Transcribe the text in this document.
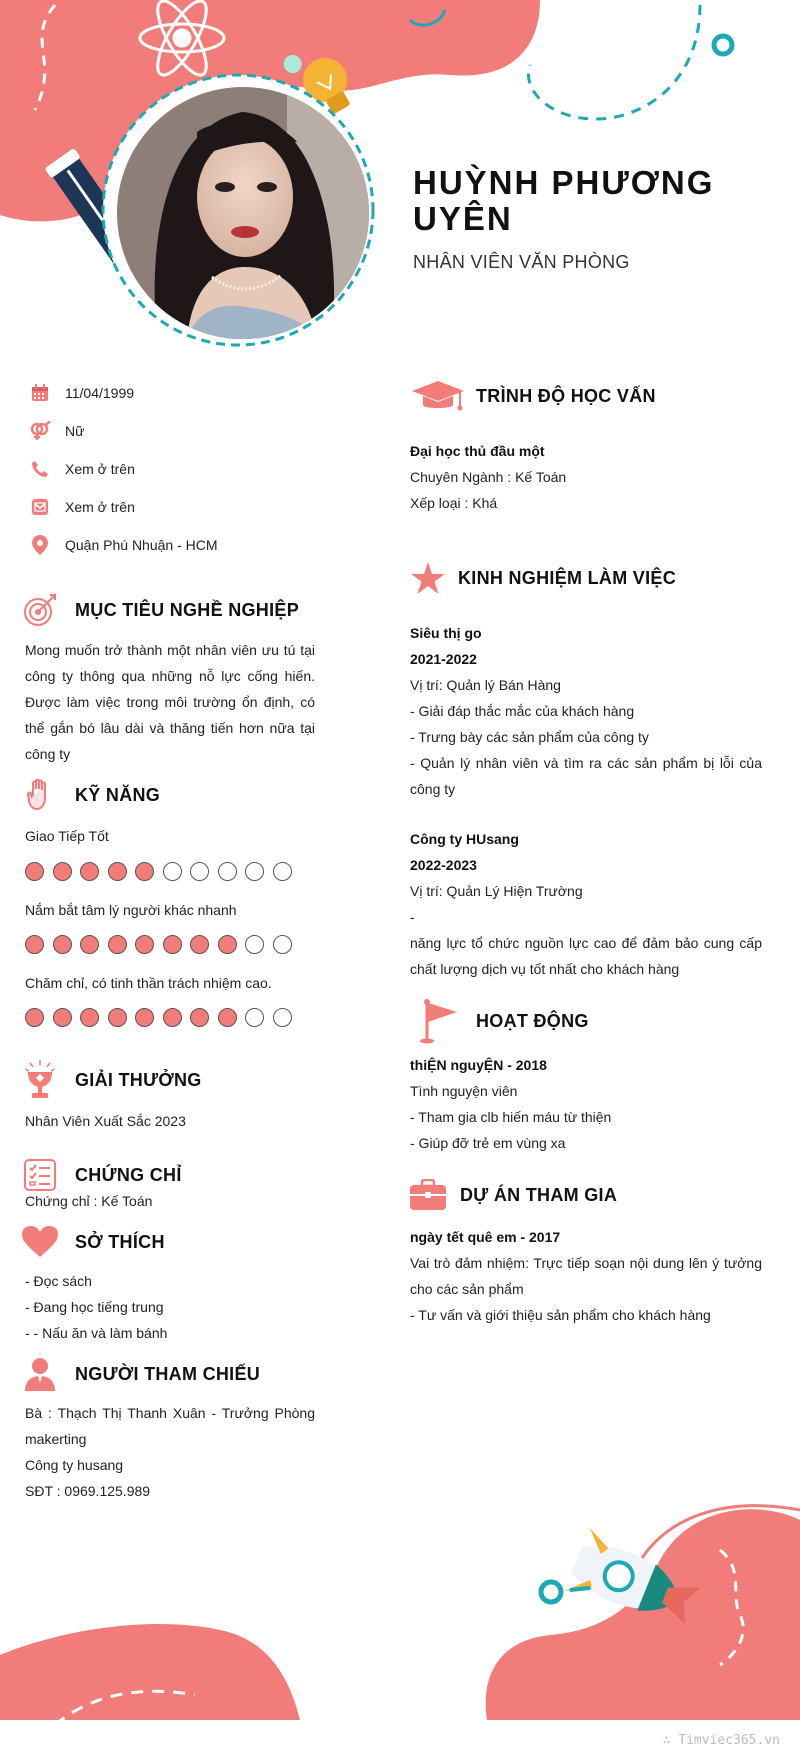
HUỲNH PHƯƠNG UYÊN
NHÂN VIÊN VĂN PHÒNG
11/04/1999
Nữ
Xem ở trên
Xem ở trên
Quận Phú Nhuận - HCM
MỤC TIÊU NGHỀ NGHIỆP
Mong muốn trở thành một nhân viên ưu tú tại công ty thông qua những nỗ lực cống hiến. Được làm việc trong môi trường ổn định, có thể gắn bó lâu dài và thăng tiến hơn nữa tại công ty
KỸ NĂNG
Giao Tiếp Tốt
Nắm bắt tâm lý người khác nhanh
Chăm chỉ, có tinh thần trách nhiệm cao.
GIẢI THƯỞNG
Nhân Viên Xuất Sắc 2023
CHỨNG CHỈ
Chứng chỉ : Kế Toán
SỞ THÍCH
- Đọc sách
- Đang học tiếng trung
- - Nấu ăn và làm bánh
NGƯỜI THAM CHIẾU
Bà : Thạch Thị Thanh Xuân - Trưởng Phòng makerting
Công ty husang
SĐT : 0969.125.989
TRÌNH ĐỘ HỌC VẤN
Đại học thủ đầu một
Chuyên Ngành : Kế Toán
Xếp loại : Khá
KINH NGHIỆM LÀM VIỆC
Siêu thị go
2021-2022
Vị trí: Quản lý Bán Hàng
- Giải đáp thắc mắc của khách hàng
- Trưng bày các sản phẩm của công ty
- Quản lý nhân viên và tìm ra các sản phẩm bị lỗi của công ty
Công ty HUsang
2022-2023
Vị trí: Quản Lý Hiện Trường
-
năng lực tổ chức nguồn lực cao để đảm bảo cung cấp chất lượng dịch vụ tốt nhất cho khách hàng
HOẠT ĐỘNG
thiỆN nguyỆN - 2018
Tình nguyện viên
- Tham gia clb hiến máu từ thiện
- Giúp đỡ trẻ em vùng xa
DỰ ÁN THAM GIA
ngày tết quê em - 2017
Vai trò đảm nhiệm: Trực tiếp soạn nội dung lên ý tưởng cho các sản phẩm
- Tư vấn và giới thiệu sản phẩm cho khách hàng
∴ Timviec365.vn
